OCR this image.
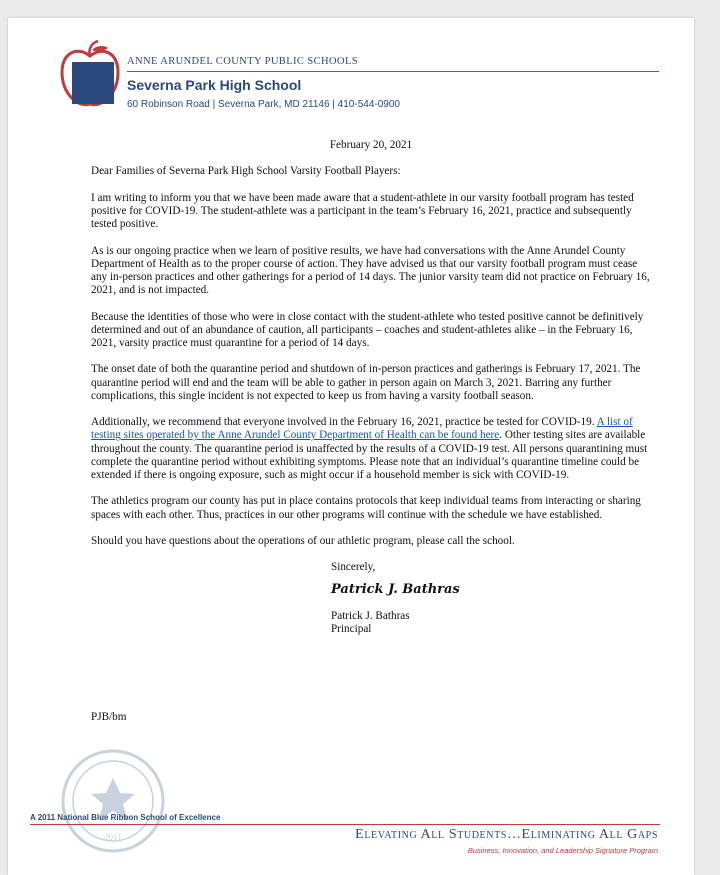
ANNE ARUNDEL COUNTY PUBLIC SCHOOLS
Severna Park High School
60 Robinson Road | Severna Park, MD 21146 | 410-544-0900

February 20, 2021

Dear Families of Severna Park High School Varsity Football Players:

I am writing to inform you that we have been made aware that a student-athlete in our varsity football program has tested positive for COVID-19. The student-athlete was a participant in the team’s February 16, 2021, practice and subsequently tested positive.

As is our ongoing practice when we learn of positive results, we have had conversations with the Anne Arundel County Department of Health as to the proper course of action. They have advised us that our varsity football program must cease any in-person practices and other gatherings for a period of 14 days. The junior varsity team did not practice on February 16, 2021, and is not impacted.

Because the identities of those who were in close contact with the student-athlete who tested positive cannot be definitively determined and out of an abundance of caution, all participants – coaches and student-athletes alike – in the February 16, 2021, varsity practice must quarantine for a period of 14 days.

The onset date of both the quarantine period and shutdown of in-person practices and gatherings is February 17, 2021. The quarantine period will end and the team will be able to gather in person again on March 3, 2021. Barring any further complications, this single incident is not expected to keep us from having a varsity football season.

Additionally, we recommend that everyone involved in the February 16, 2021, practice be tested for COVID-19. A list of testing sites operated by the Anne Arundel County Department of Health can be found here. Other testing sites are available throughout the county. The quarantine period is unaffected by the results of a COVID-19 test. All persons quarantining must complete the quarantine period without exhibiting symptoms. Please note that an individual’s quarantine timeline could be extended if there is ongoing exposure, such as might occur if a household member is sick with COVID-19.

The athletics program our county has put in place contains protocols that keep individual teams from interacting or sharing spaces with each other. Thus, practices in our other programs will continue with the schedule we have established.

Should you have questions about the operations of our athletic program, please call the school.

Sincerely,
Patrick J. Bathras
Patrick J. Bathras
Principal
PJB/bm
2011
A 2011 National Blue Ribbon School of Excellence
Elevating All Students…Eliminating All Gaps
Business, Innovation, and Leadership Signature Program
